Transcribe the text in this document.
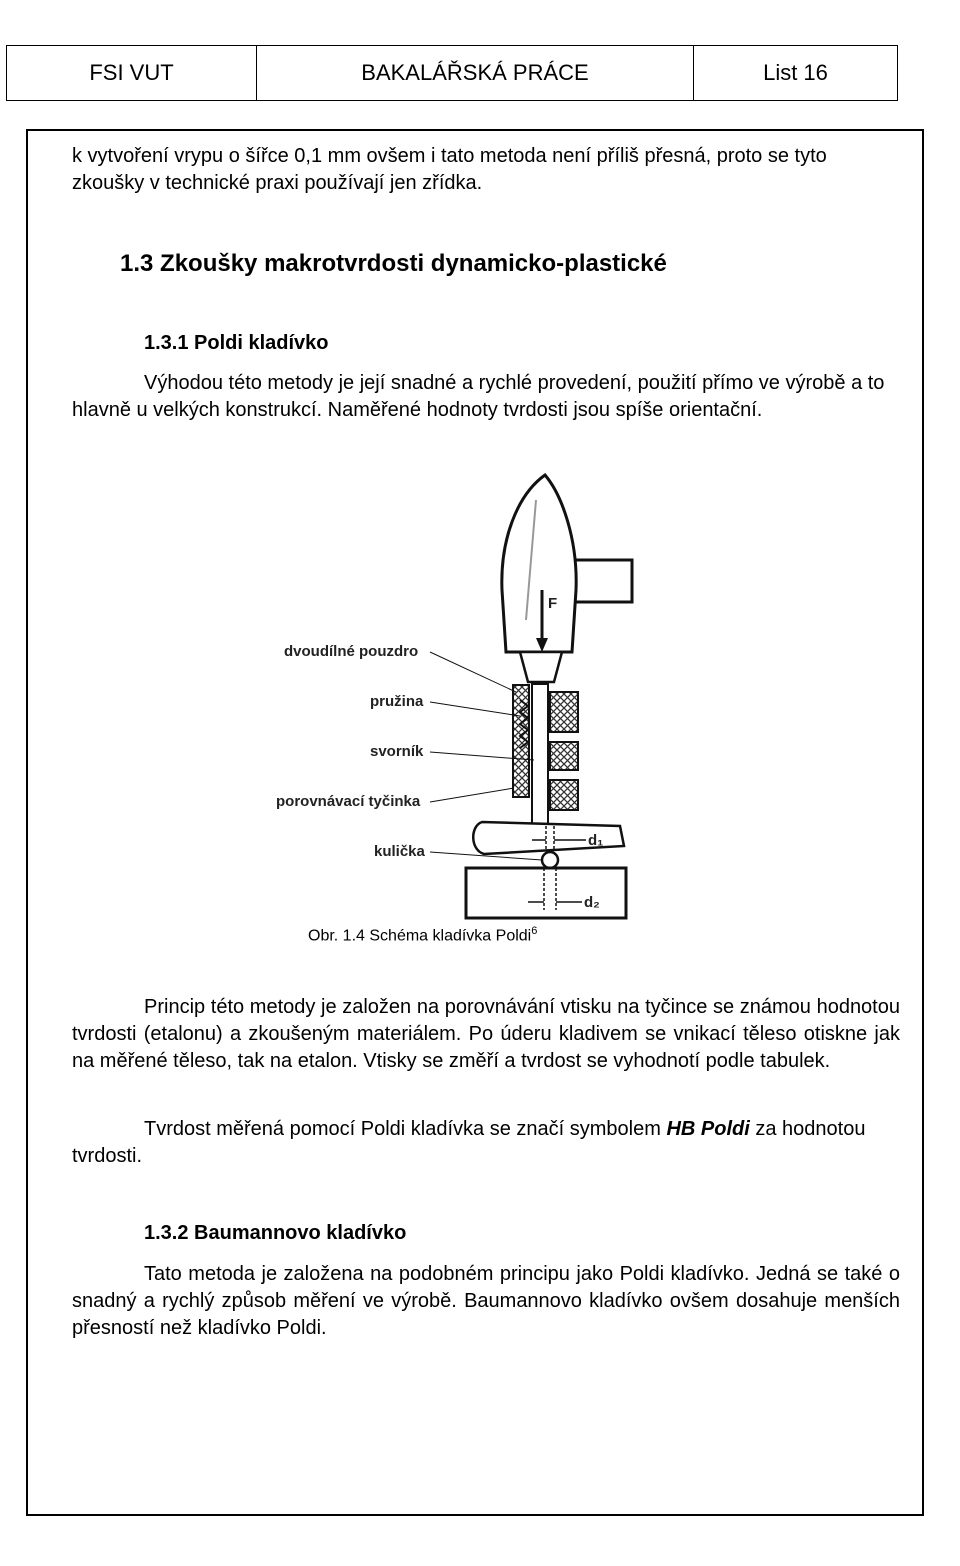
FSI VUT	BAKALÁŘSKÁ PRÁCE	List 16

k vytvoření vrypu o šířce 0,1 mm ovšem i tato metoda není příliš přesná, proto se tyto zkoušky v technické praxi používají jen zřídka.

1.3 Zkoušky makrotvrdosti dynamicko-plastické
1.3.1 Poldi kladívko

Výhodou této metody je její snadné a rychlé provedení, použití přímo ve výrobě a to hlavně u velkých konstrukcí. Naměřené hodnoty tvrdosti jsou spíše orientační.

F
d₁
d₂
dvoudílné pouzdro
pružina
svorník
porovnávací tyčinka
kulička
Obr. 1.4 Schéma kladívka Poldi$^6$

Princip této metody je založen na porovnávání vtisku na tyčince se známou hodnotou tvrdosti (etalonu) a zkoušeným materiálem. Po úderu kladivem se vnikací těleso otiskne jak na měřené těleso, tak na etalon. Vtisky se změří a tvrdost se vyhodnotí podle tabulek.

Tvrdost měřená pomocí Poldi kladívka se značí symbolem HB Poldi za hodnotou tvrdosti.

1.3.2 Baumannovo kladívko

Tato metoda je založena na podobném principu jako Poldi kladívko. Jedná se také o snadný a rychlý způsob měření ve výrobě. Baumannovo kladívko ovšem dosahuje menších přesností než kladívko Poldi.
